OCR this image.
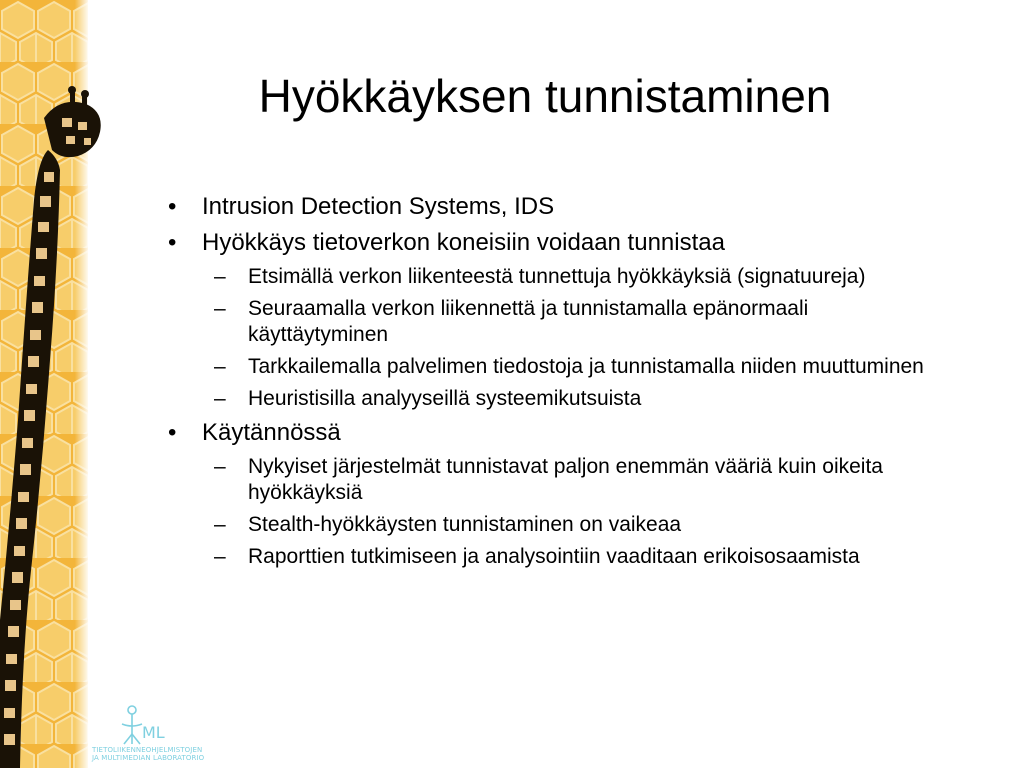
Hyökkäyksen tunnistaminen
• Intrusion Detection Systems, IDS
• Hyökkäys tietoverkon koneisiin voidaan tunnistaa
– Etsimällä verkon liikenteestä tunnettuja hyökkäyksiä (signatuureja)
– Seuraamalla verkon liikennettä ja tunnistamalla epänormaali käyttäytyminen
– Tarkkailemalla palvelimen tiedostoja ja tunnistamalla niiden muuttuminen
– Heuristisilla analyyseillä systeemikutsuista
• Käytännössä
– Nykyiset järjestelmät tunnistavat paljon enemmän vääriä kuin oikeita hyökkäyksiä
– Stealth-hyökkäysten tunnistaminen on vaikeaa
– Raporttien tutkimiseen ja analysointiin vaaditaan erikoisosaamista
ML
TIETOLIIKENNEOHJELMISTOJEN
JA MULTIMEDIAN LABORATORIO
